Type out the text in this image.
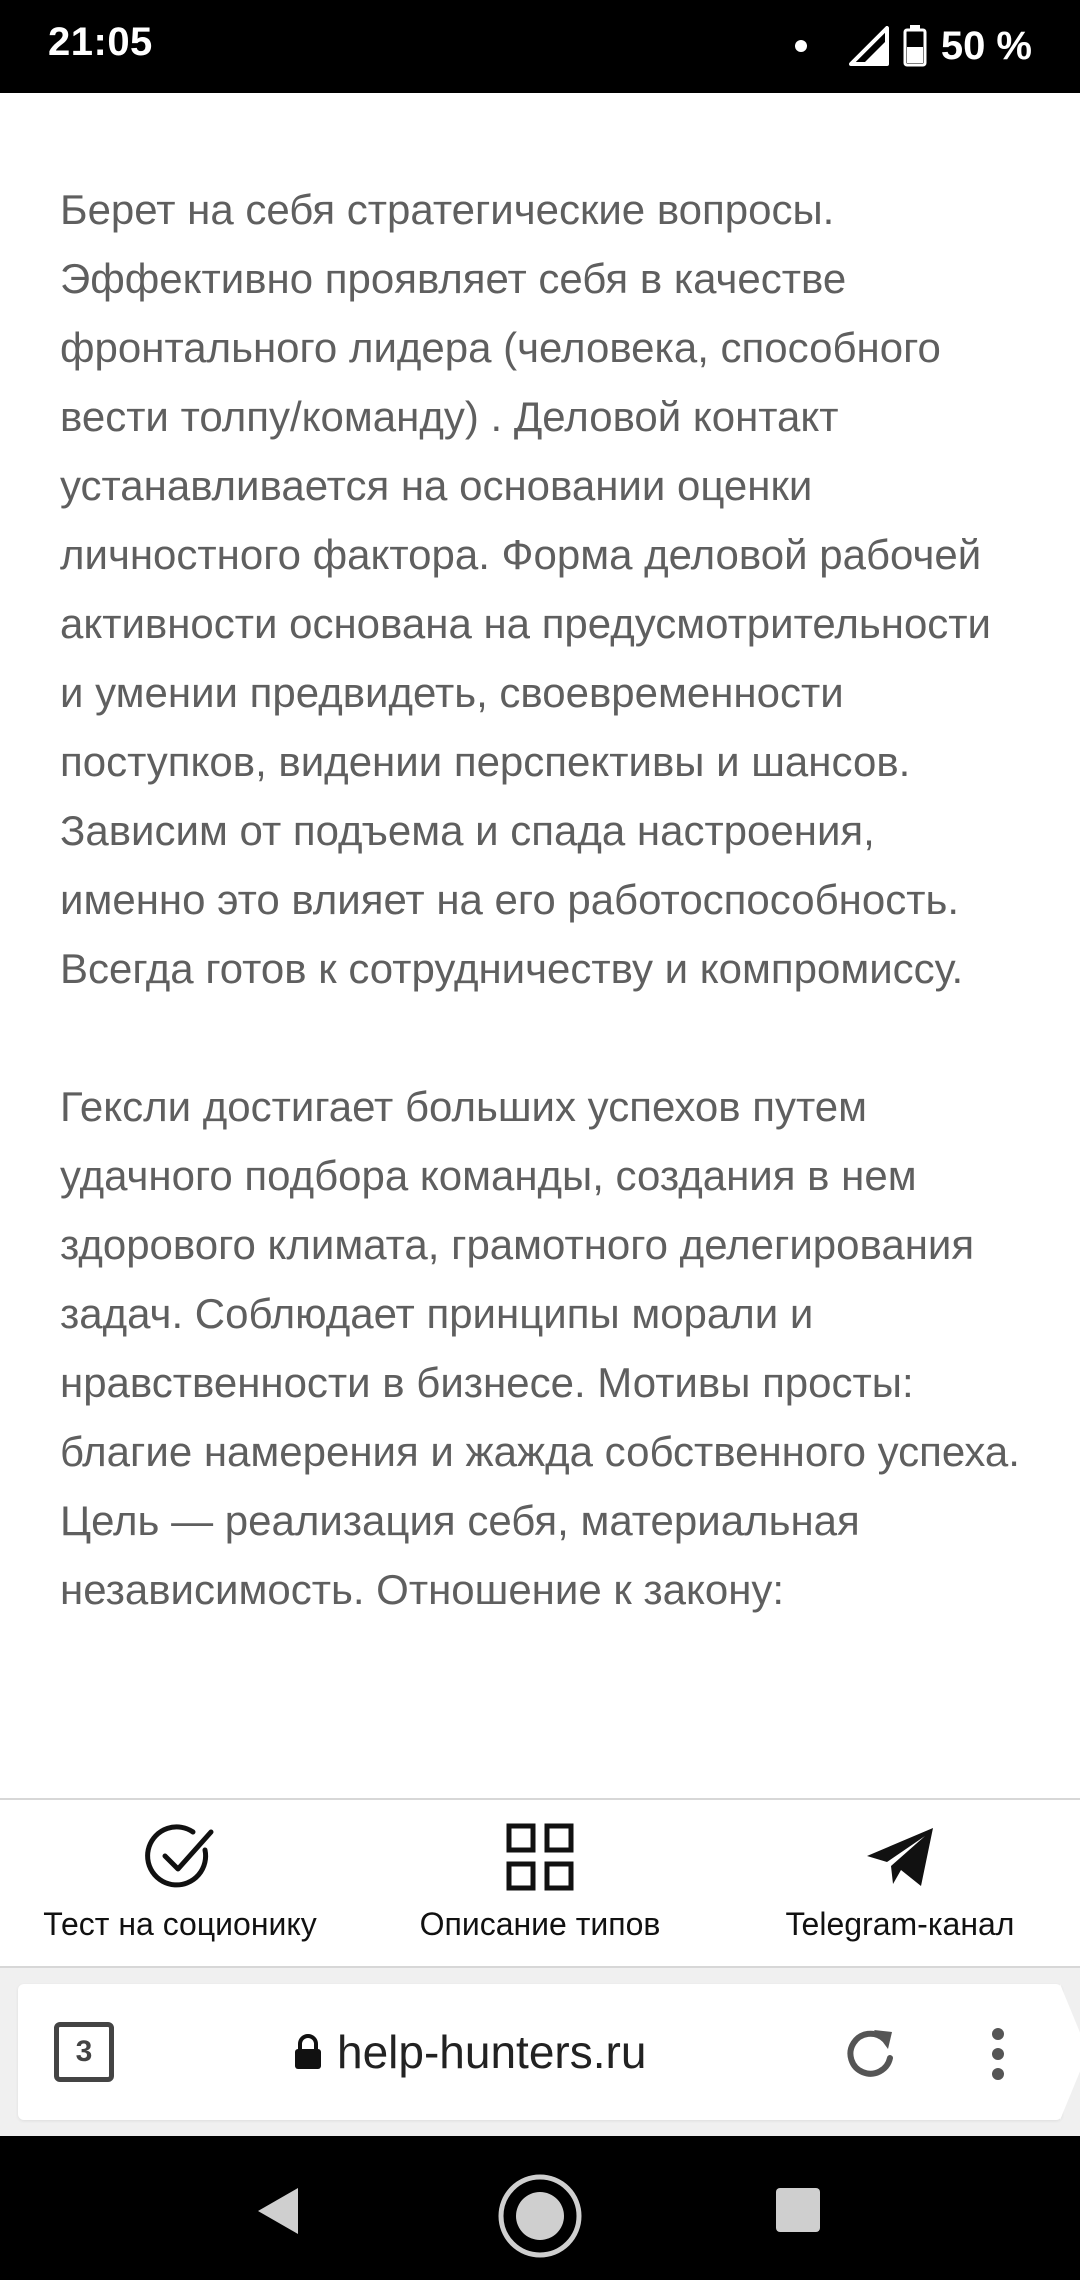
21:05	50 %

Берет на себя стратегические вопросы. Эффективно проявляет себя в качестве фронтального лидера (человека, способного вести толпу/команду) . Деловой контакт устанавливается на основании оценки личностного фактора. Форма деловой рабочей активности основана на предусмотрительности и умении предвидеть, своевременности поступков, видении перспективы и шансов. Зависим от подъема и спада настроения, именно это влияет на его работоспособность. Всегда готов к сотрудничеству и компромиссу.

Гексли достигает больших успехов путем удачного подбора команды, создания в нем здорового климата, грамотного делегирования задач. Соблюдает принципы морали и нравственности в бизнесе. Мотивы просты: благие намерения и жажда собственного успеха. Цель — реализация себя, материальная независимость. Отношение к закону:

Тест на соционику	Описание типов	Telegram-канал
3	help-hunters.ru
